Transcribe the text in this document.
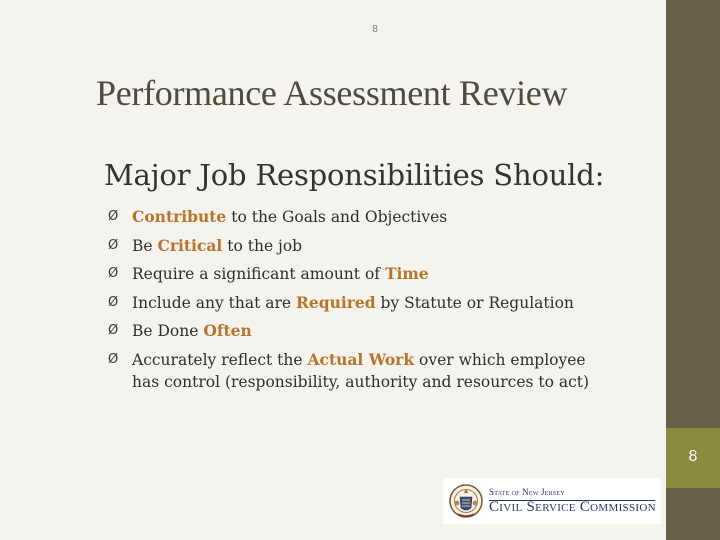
8
Performance Assessment Review
Major Job Responsibilities Should:
Ø Contribute to the Goals and Objectives
Ø Be Critical to the job
Ø Require a significant amount of Time
Ø Include any that are Required by Statute or Regulation
Ø Be Done Often
Ø Accurately reflect the Actual Work over which employee
has control (responsibility, authority and resources to act)
8
State of New Jersey
Civil Service Commission
